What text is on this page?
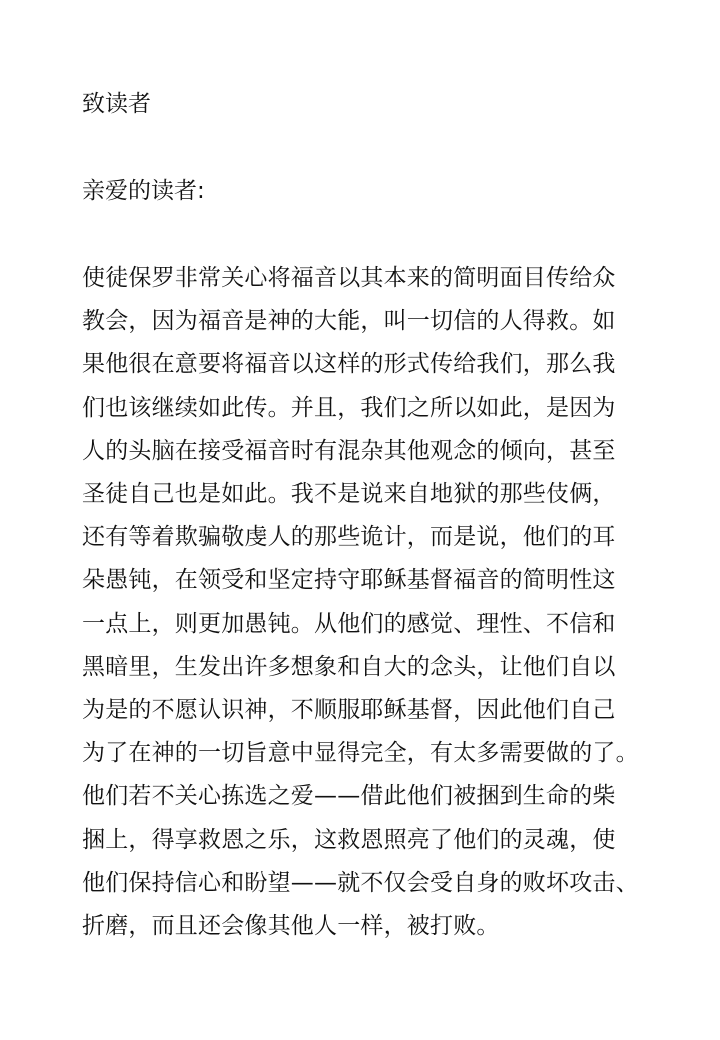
致读者

亲爱的读者:

使徒保罗非常关心将福音以其本来的简明面目传给众
教会，因为福音是神的大能，叫一切信的人得救。如
果他很在意要将福音以这样的形式传给我们，那么我
们也该继续如此传。并且，我们之所以如此，是因为
人的头脑在接受福音时有混杂其他观念的倾向，甚至
圣徒自己也是如此。我不是说来自地狱的那些伎俩，
还有等着欺骗敬虔人的那些诡计，而是说，他们的耳
朵愚钝，在领受和坚定持守耶稣基督福音的简明性这
一点上，则更加愚钝。从他们的感觉、理性、不信和
黑暗里，生发出许多想象和自大的念头，让他们自以
为是的不愿认识神，不顺服耶稣基督，因此他们自己
为了在神的一切旨意中显得完全，有太多需要做的了。
他们若不关心拣选之爱——借此他们被捆到生命的柴
捆上，得享救恩之乐，这救恩照亮了他们的灵魂，使
他们保持信心和盼望——就不仅会受自身的败坏攻击、
折磨，而且还会像其他人一样，被打败。
